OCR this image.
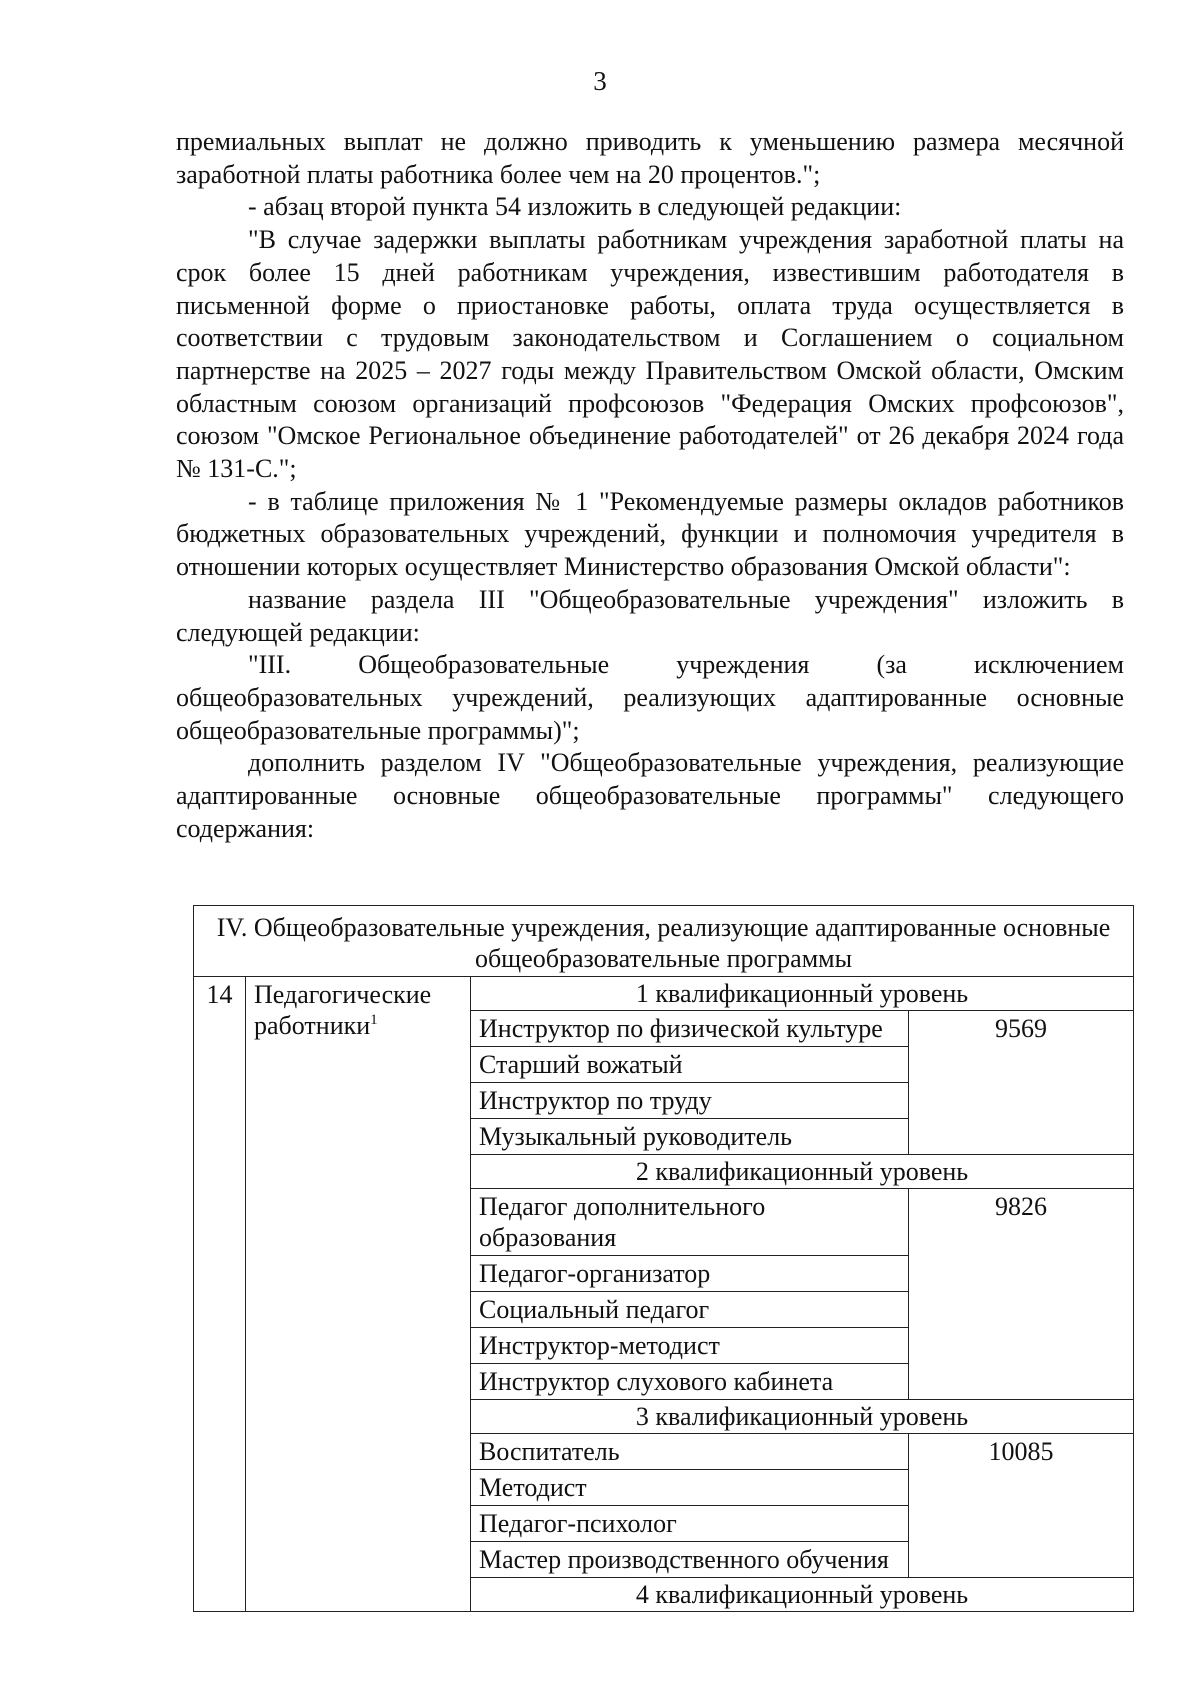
3

премиальных выплат не должно приводить к уменьшению размера месячной заработной платы работника более чем на 20 процентов.";

- абзац второй пункта 54 изложить в следующей редакции:

"В случае задержки выплаты работникам учреждения заработной платы на срок более 15 дней работникам учреждения, известившим работодателя в письменной форме о приостановке работы, оплата труда осуществляется в соответствии с трудовым законодательством и Соглашением о социальном партнерстве на 2025 – 2027 годы между Правительством Омской области, Омским областным союзом организаций профсоюзов "Федерация Омских профсоюзов", союзом "Омское Региональное объединение работодателей" от 26 декабря 2024 года № 131-С.";

- в таблице приложения № 1 "Рекомендуемые размеры окладов работников бюджетных образовательных учреждений, функции и полномочия учредителя в отношении которых осуществляет Министерство образования Омской области":

название раздела III "Общеобразовательные учреждения" изложить в следующей редакции:

"III. Общеобразовательные учреждения (за исключением общеобразовательных учреждений, реализующих адаптированные основные общеобразовательные программы)";

дополнить разделом IV "Общеобразовательные учреждения, реализующие адаптированные основные общеобразовательные программы" следующего содержания:

IV. Общеобразовательные учреждения, реализующие адаптированные основные общеобразовательные программы			
14	Педагогические работники$^1$	1 квалификационный уровень	
		Инструктор по физической культуре	9569
		Старший вожатый	
		Инструктор по труду	
		Музыкальный руководитель	
		2 квалификационный уровень	
		Педагог дополнительного образования	9826
		Педагог-организатор	
		Социальный педагог	
		Инструктор-методист	
		Инструктор слухового кабинета	
		3 квалификационный уровень	
		Воспитатель	10085
		Методист	
		Педагог-психолог	
		Мастер производственного обучения	
		4 квалификационный уровень	
